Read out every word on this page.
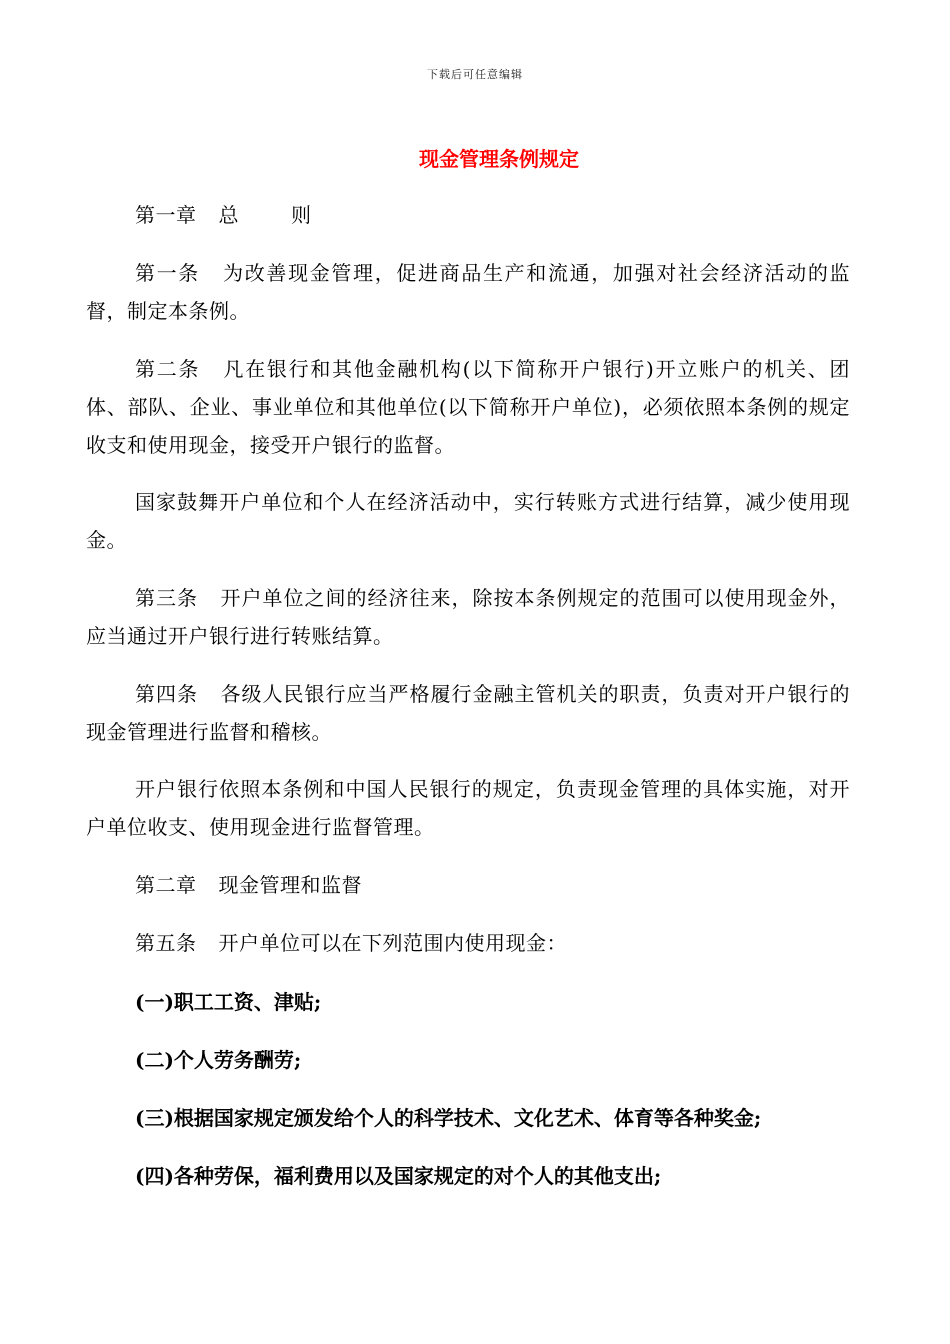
下载后可任意编辑
现金管理条例规定

第一章 总	则

第一条 为改善现金管理，促进商品生产和流通，加强对社会经济活动的监督，制定本条例。

第二条 凡在银行和其他金融机构(以下简称开户银行)开立账户的机关、团体、部队、企业、事业单位和其他单位(以下简称开户单位)，必须依照本条例的规定收支和使用现金，接受开户银行的监督。

国家鼓舞开户单位和个人在经济活动中，实行转账方式进行结算，减少使用现金。

第三条 开户单位之间的经济往来，除按本条例规定的范围可以使用现金外，应当通过开户银行进行转账结算。

第四条 各级人民银行应当严格履行金融主管机关的职责，负责对开户银行的现金管理进行监督和稽核。

开户银行依照本条例和中国人民银行的规定，负责现金管理的具体实施，对开户单位收支、使用现金进行监督管理。

第二章 现金管理和监督

第五条 开户单位可以在下列范围内使用现金：

(一)职工工资、津贴;

(二)个人劳务酬劳;

(三)根据国家规定颁发给个人的科学技术、文化艺术、体育等各种奖金;

(四)各种劳保，福利费用以及国家规定的对个人的其他支出;
